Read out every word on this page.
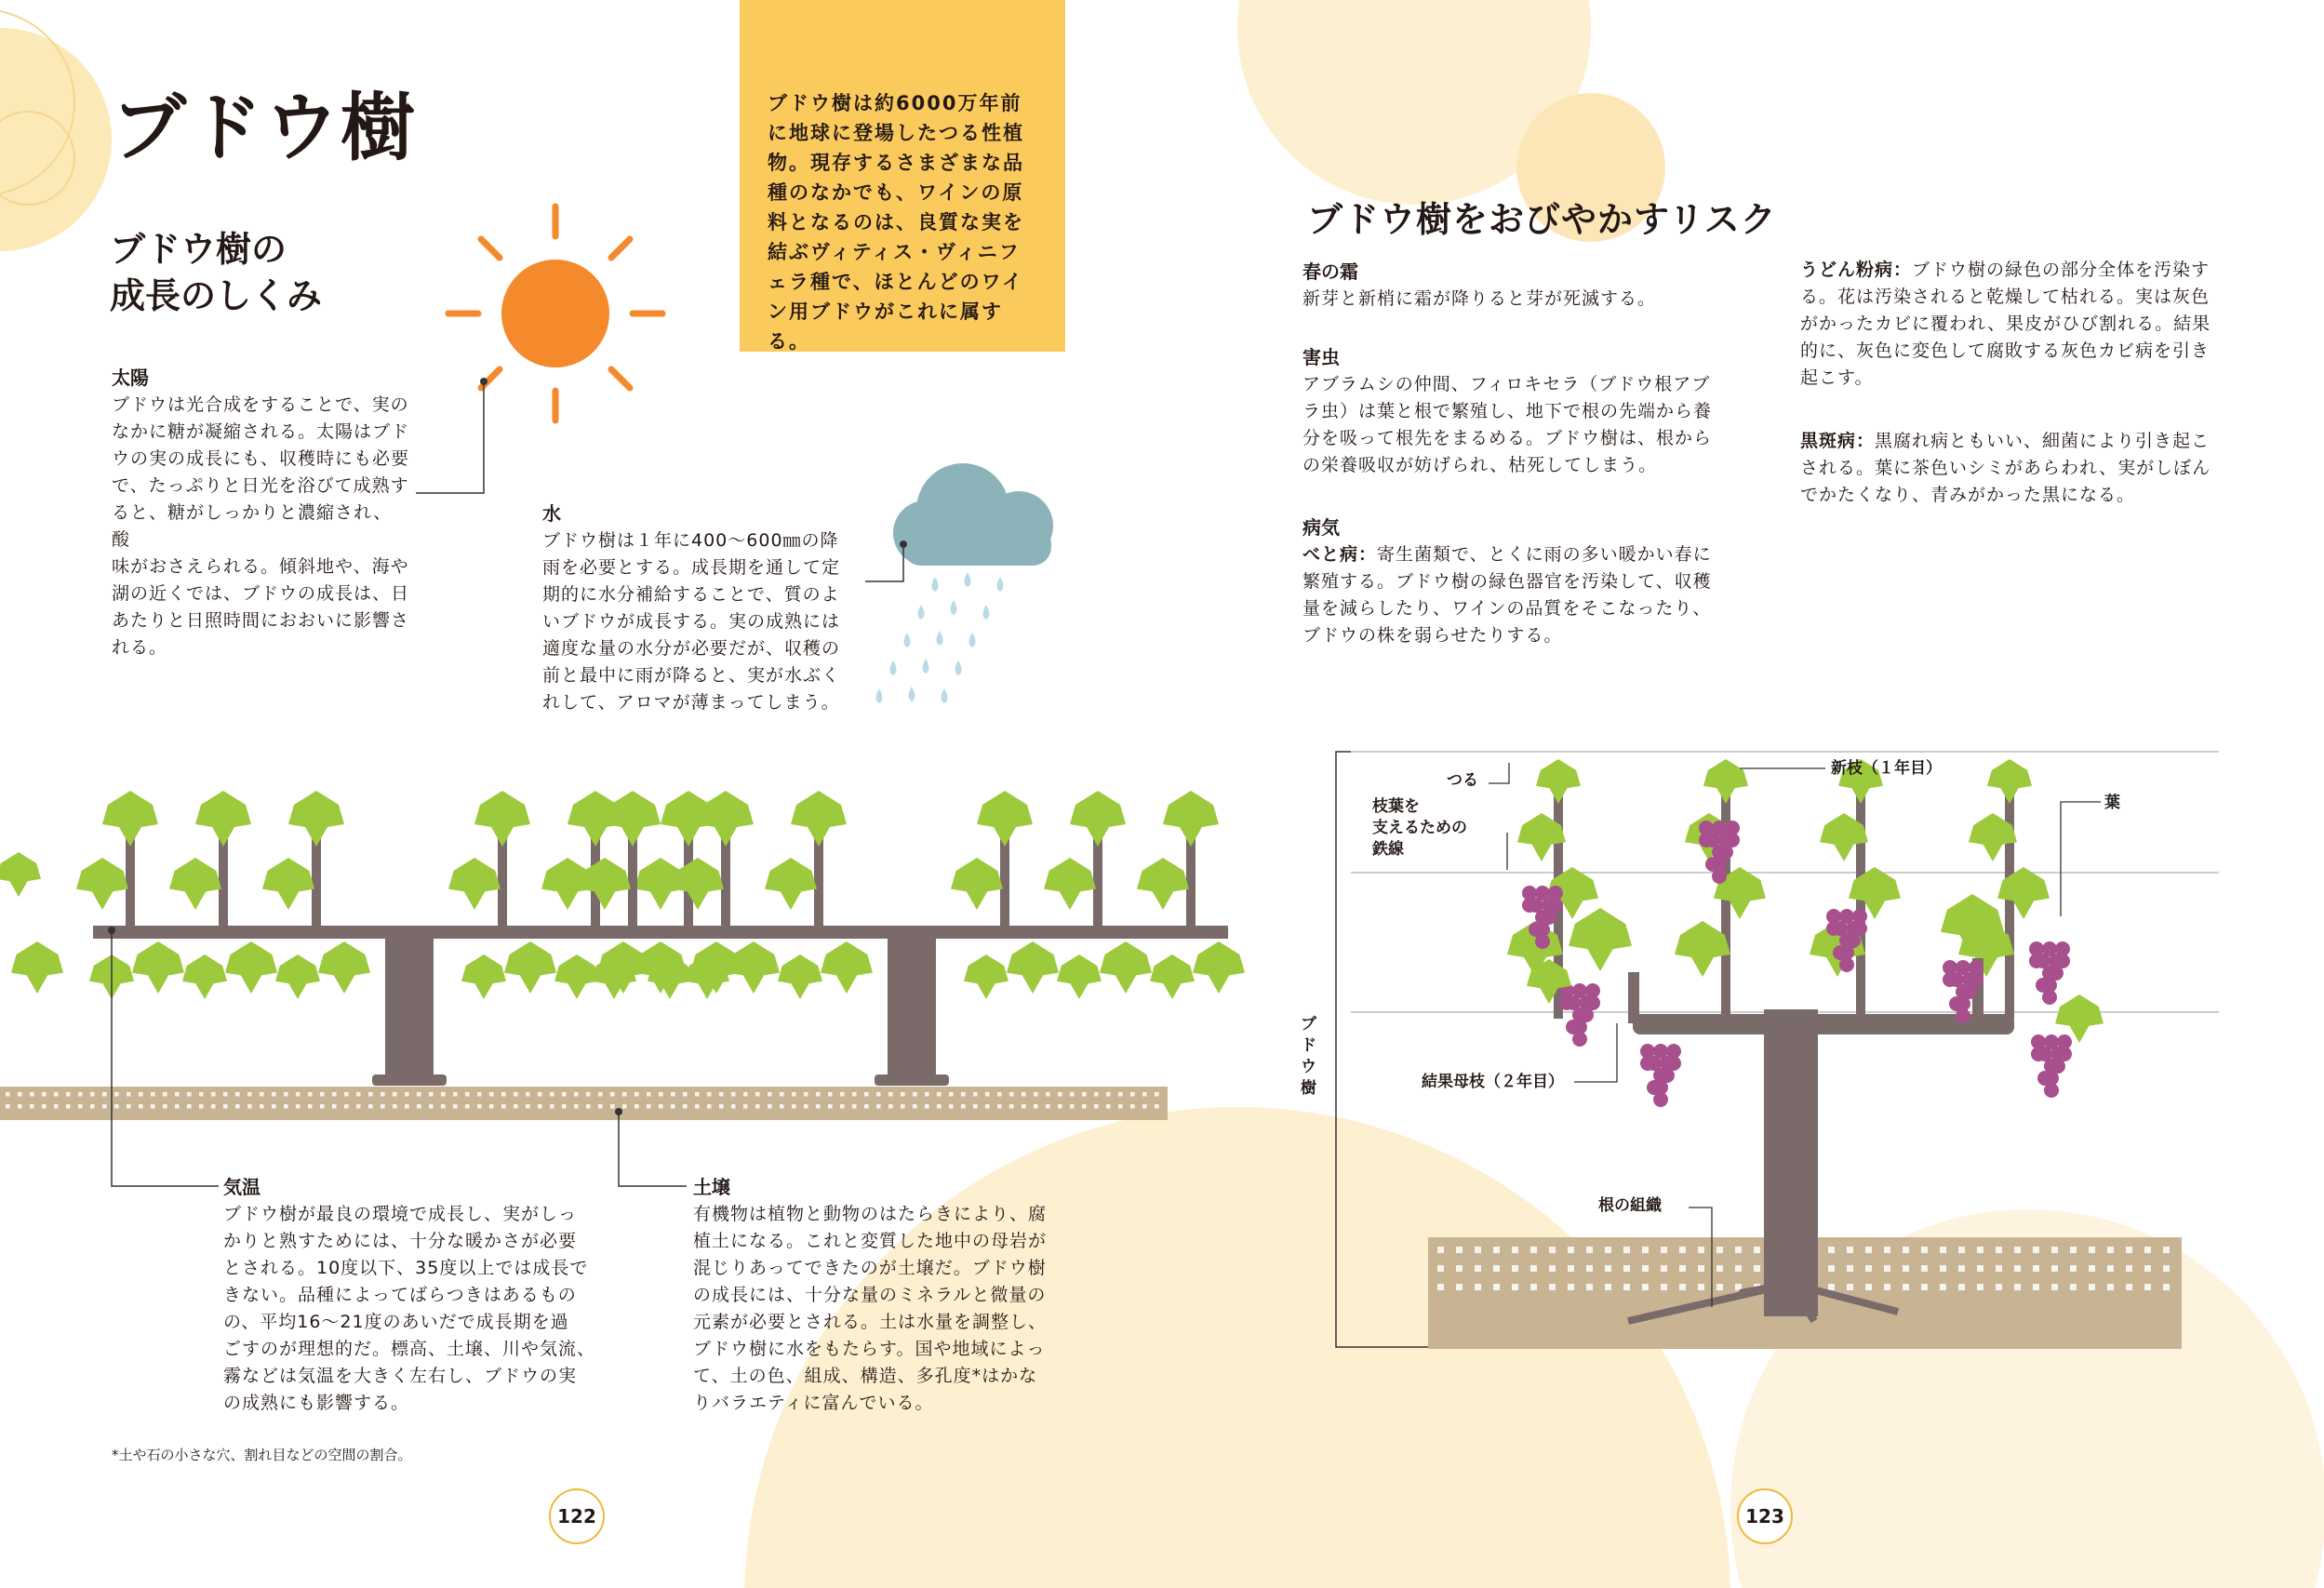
ブドウ樹
ブドウ樹の
成長のしくみ
ブドウ樹は約6000万年前
に地球に登場したつる性植
物。現存するさまざまな品
種のなかでも、ワインの原
料となるのは、良質な実を
結ぶヴィティス・ヴィニフ
ェラ種で、ほとんどのワイ
ン用ブドウがこれに属する。
太陽
ブドウは光合成をすることで、実の
なかに糖が凝縮される。太陽はブド
ウの実の成長にも、収穫時にも必要
で、たっぷりと日光を浴びて成熟す
ると、糖がしっかりと濃縮され、酸
味がおさえられる。傾斜地や、海や
湖の近くでは、ブドウの成長は、日
あたりと日照時間におおいに影響さ
れる。
水
ブドウ樹は１年に400〜600㎜の降
雨を必要とする。成長期を通して定
期的に水分補給することで、質のよ
いブドウが成長する。実の成熟には
適度な量の水分が必要だが、収穫の
前と最中に雨が降ると、実が水ぶく
れして、アロマが薄まってしまう。
気温
ブドウ樹が最良の環境で成長し、実がしっ
かりと熟すためには、十分な暖かさが必要
とされる。10度以下、35度以上では成長で
きない。品種によってばらつきはあるもの
の、平均16〜21度のあいだで成長期を過
ごすのが理想的だ。標高、土壌、川や気流、
霧などは気温を大きく左右し、ブドウの実
の成熟にも影響する。
土壌
有機物は植物と動物のはたらきにより、腐
植土になる。これと変質した地中の母岩が
混じりあってできたのが土壌だ。ブドウ樹
の成長には、十分な量のミネラルと微量の
元素が必要とされる。土は水量を調整し、
ブドウ樹に水をもたらす。国や地域によっ
て、土の色、組成、構造、多孔度*はかな
りバラエティに富んでいる。
*土や石の小さな穴、割れ目などの空間の割合。
122
ブドウ樹をおびやかすリスク
春の霜
新芽と新梢に霜が降りると芽が死滅する。
害虫
アブラムシの仲間、フィロキセラ（ブドウ根アブ
ラ虫）は葉と根で繁殖し、地下で根の先端から養
分を吸って根先をまるめる。ブドウ樹は、根から
の栄養吸収が妨げられ、枯死してしまう。
病気
べと病：寄生菌類で、とくに雨の多い暖かい春に
繁殖する。ブドウ樹の緑色器官を汚染して、収穫
量を減らしたり、ワインの品質をそこなったり、
ブドウの株を弱らせたりする。
うどん粉病：ブドウ樹の緑色の部分全体を汚染す
る。花は汚染されると乾燥して枯れる。実は灰色
がかったカビに覆われ、果皮がひび割れる。結果
的に、灰色に変色して腐敗する灰色カビ病を引き
起こす。
黒斑病：黒腐れ病ともいい、細菌により引き起こ
される。葉に茶色いシミがあらわれ、実がしぼん
でかたくなり、青みがかった黒になる。
つる
新枝（１年目）
葉
枝葉を
支えるための
鉄線
ブ
ド
ウ
樹	結果母枝（２年目）
根の組織
123
